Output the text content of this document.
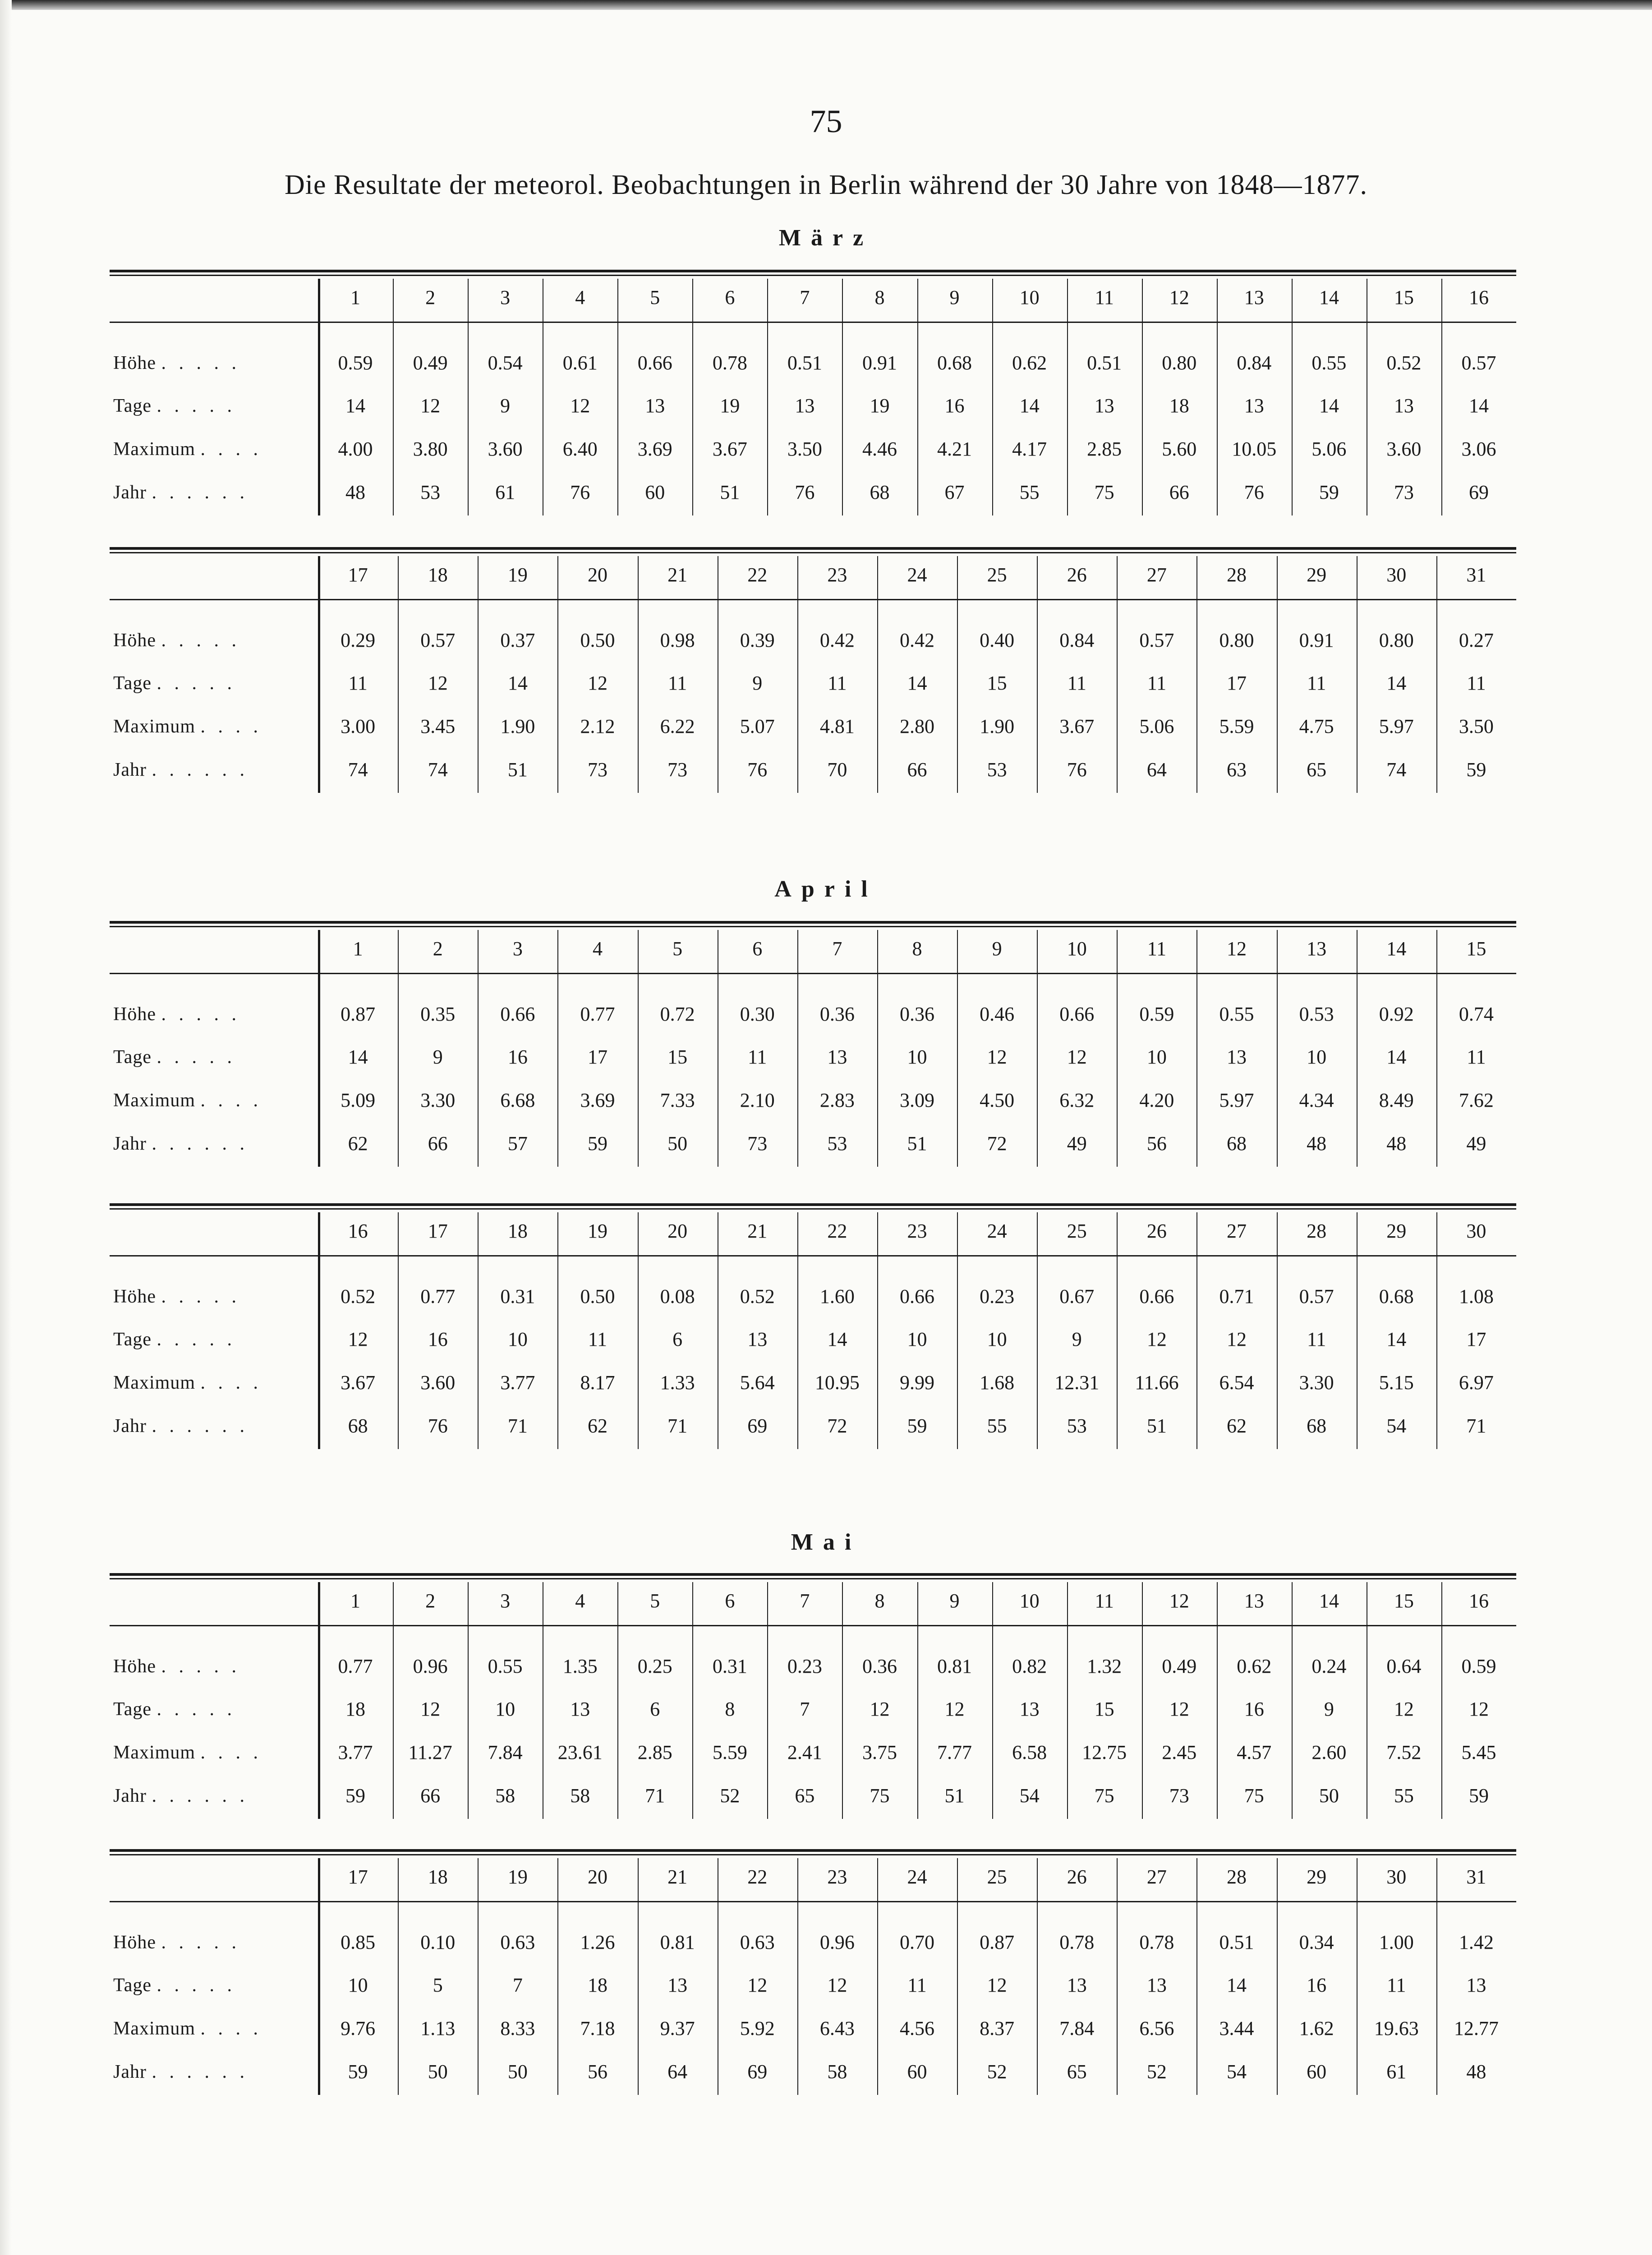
75
Die Resultate der meteorol. Beobachtungen in Berlin während der 30 Jahre von 1848—1877.
März
April
Mai
1	2	3	4	5	6	7	8	9	10	11	12	13	14	15	16
Höhe . . . . .	0.59	0.49	0.54	0.61	0.66	0.78	0.51	0.91	0.68	0.62	0.51	0.80	0.84	0.55	0.52	0.57
Tage . . . . .	14	12	9	12	13	19	13	19	16	14	13	18	13	14	13	14
Maximum . . . .	4.00	3.80	3.60	6.40	3.69	3.67	3.50	4.46	4.21	4.17	2.85	5.60	10.05	5.06	3.60	3.06
Jahr . . . . . .	48	53	61	76	60	51	76	68	67	55	75	66	76	59	73	69
17	18	19	20	21	22	23	24	25	26	27	28	29	30	31
Höhe . . . . .	0.29	0.57	0.37	0.50	0.98	0.39	0.42	0.42	0.40	0.84	0.57	0.80	0.91	0.80	0.27
Tage . . . . .	11	12	14	12	11	9	11	14	15	11	11	17	11	14	11
Maximum . . . .	3.00	3.45	1.90	2.12	6.22	5.07	4.81	2.80	1.90	3.67	5.06	5.59	4.75	5.97	3.50
Jahr . . . . . .	74	74	51	73	73	76	70	66	53	76	64	63	65	74	59
1	2	3	4	5	6	7	8	9	10	11	12	13	14	15
Höhe . . . . .	0.87	0.35	0.66	0.77	0.72	0.30	0.36	0.36	0.46	0.66	0.59	0.55	0.53	0.92	0.74
Tage . . . . .	14	9	16	17	15	11	13	10	12	12	10	13	10	14	11
Maximum . . . .	5.09	3.30	6.68	3.69	7.33	2.10	2.83	3.09	4.50	6.32	4.20	5.97	4.34	8.49	7.62
Jahr . . . . . .	62	66	57	59	50	73	53	51	72	49	56	68	48	48	49
16	17	18	19	20	21	22	23	24	25	26	27	28	29	30
Höhe . . . . .	0.52	0.77	0.31	0.50	0.08	0.52	1.60	0.66	0.23	0.67	0.66	0.71	0.57	0.68	1.08
Tage . . . . .	12	16	10	11	6	13	14	10	10	9	12	12	11	14	17
Maximum . . . .	3.67	3.60	3.77	8.17	1.33	5.64	10.95	9.99	1.68	12.31	11.66	6.54	3.30	5.15	6.97
Jahr . . . . . .	68	76	71	62	71	69	72	59	55	53	51	62	68	54	71
1	2	3	4	5	6	7	8	9	10	11	12	13	14	15	16
Höhe . . . . .	0.77	0.96	0.55	1.35	0.25	0.31	0.23	0.36	0.81	0.82	1.32	0.49	0.62	0.24	0.64	0.59
Tage . . . . .	18	12	10	13	6	8	7	12	12	13	15	12	16	9	12	12
Maximum . . . .	3.77	11.27	7.84	23.61	2.85	5.59	2.41	3.75	7.77	6.58	12.75	2.45	4.57	2.60	7.52	5.45
Jahr . . . . . .	59	66	58	58	71	52	65	75	51	54	75	73	75	50	55	59
17	18	19	20	21	22	23	24	25	26	27	28	29	30	31
Höhe . . . . .	0.85	0.10	0.63	1.26	0.81	0.63	0.96	0.70	0.87	0.78	0.78	0.51	0.34	1.00	1.42
Tage . . . . .	10	5	7	18	13	12	12	11	12	13	13	14	16	11	13
Maximum . . . .	9.76	1.13	8.33	7.18	9.37	5.92	6.43	4.56	8.37	7.84	6.56	3.44	1.62	19.63	12.77
Jahr . . . . . .	59	50	50	56	64	69	58	60	52	65	52	54	60	61	48
